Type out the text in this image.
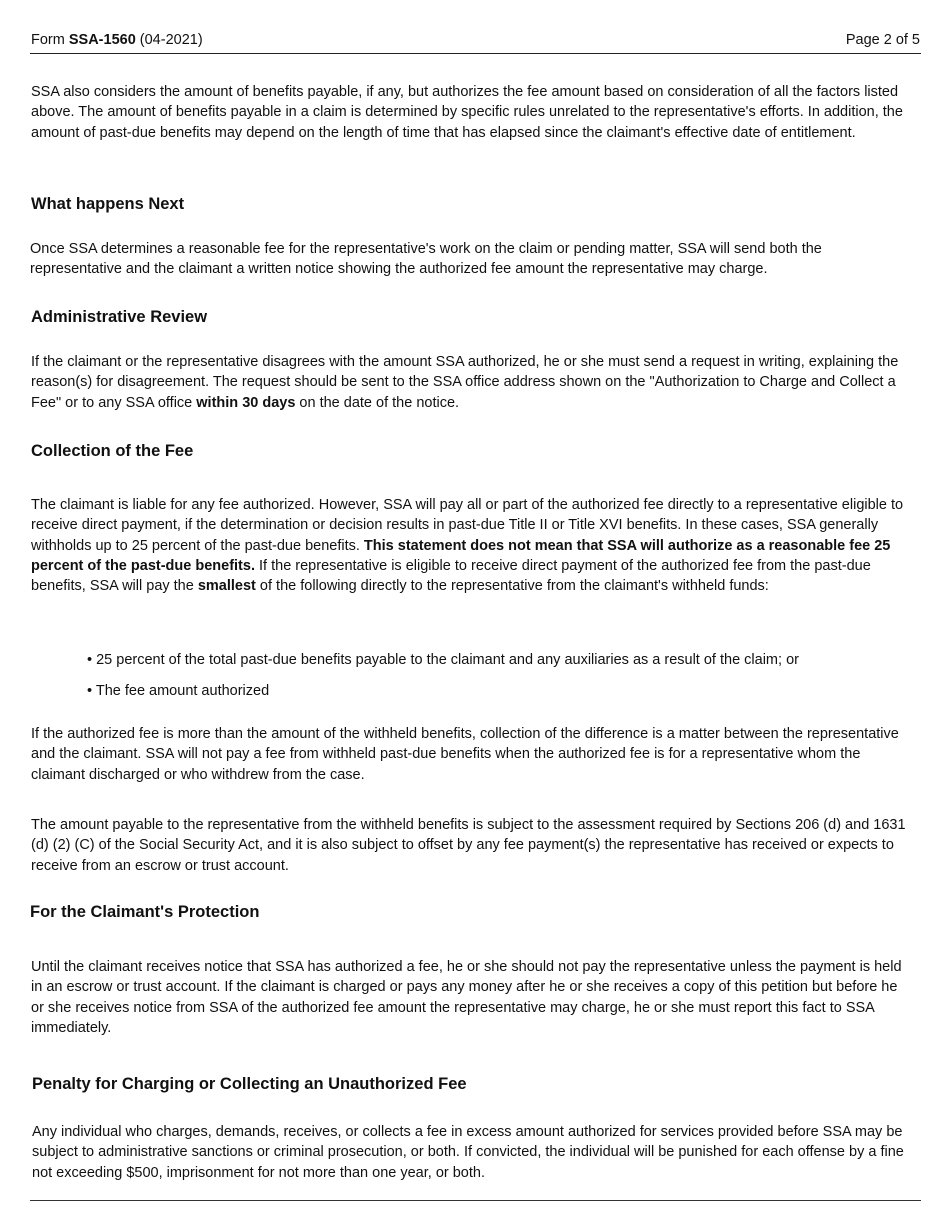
Form SSA-1560 (04-2021)	Page 2 of 5

SSA also considers the amount of benefits payable, if any, but authorizes the fee amount based on consideration of all the factors listed above. The amount of benefits payable in a claim is determined by specific rules unrelated to the representative's efforts. In addition, the amount of past-due benefits may depend on the length of time that has elapsed since the claimant's effective date of entitlement.

What happens Next

Once SSA determines a reasonable fee for the representative's work on the claim or pending matter, SSA will send both the representative and the claimant a written notice showing the authorized fee amount the representative may charge.

Administrative Review

If the claimant or the representative disagrees with the amount SSA authorized, he or she must send a request in writing, explaining the reason(s) for disagreement. The request should be sent to the SSA office address shown on the "Authorization to Charge and Collect a Fee" or to any SSA office within 30 days on the date of the notice.

Collection of the Fee

The claimant is liable for any fee authorized. However, SSA will pay all or part of the authorized fee directly to a representative eligible to receive direct payment, if the determination or decision results in past-due Title II or Title XVI benefits. In these cases, SSA generally withholds up to 25 percent of the past-due benefits. This statement does not mean that SSA will authorize as a reasonable fee 25 percent of the past-due benefits. If the representative is eligible to receive direct payment of the authorized fee from the past-due benefits, SSA will pay the smallest of the following directly to the representative from the claimant's withheld funds:

• 25 percent of the total past-due benefits payable to the claimant and any auxiliaries as a result of the claim; or

• The fee amount authorized

If the authorized fee is more than the amount of the withheld benefits, collection of the difference is a matter between the representative and the claimant. SSA will not pay a fee from withheld past-due benefits when the authorized fee is for a representative whom the claimant discharged or who withdrew from the case.

The amount payable to the representative from the withheld benefits is subject to the assessment required by Sections 206 (d) and 1631 (d) (2) (C) of the Social Security Act, and it is also subject to offset by any fee payment(s) the representative has received or expects to receive from an escrow or trust account.

For the Claimant's Protection

Until the claimant receives notice that SSA has authorized a fee, he or she should not pay the representative unless the payment is held in an escrow or trust account. If the claimant is charged or pays any money after he or she receives a copy of this petition but before he or she receives notice from SSA of the authorized fee amount the representative may charge, he or she must report this fact to SSA immediately.

Penalty for Charging or Collecting an Unauthorized Fee

Any individual who charges, demands, receives, or collects a fee in excess amount authorized for services provided before SSA may be subject to administrative sanctions or criminal prosecution, or both. If convicted, the individual will be punished for each offense by a fine not exceeding $500, imprisonment for not more than one year, or both.
